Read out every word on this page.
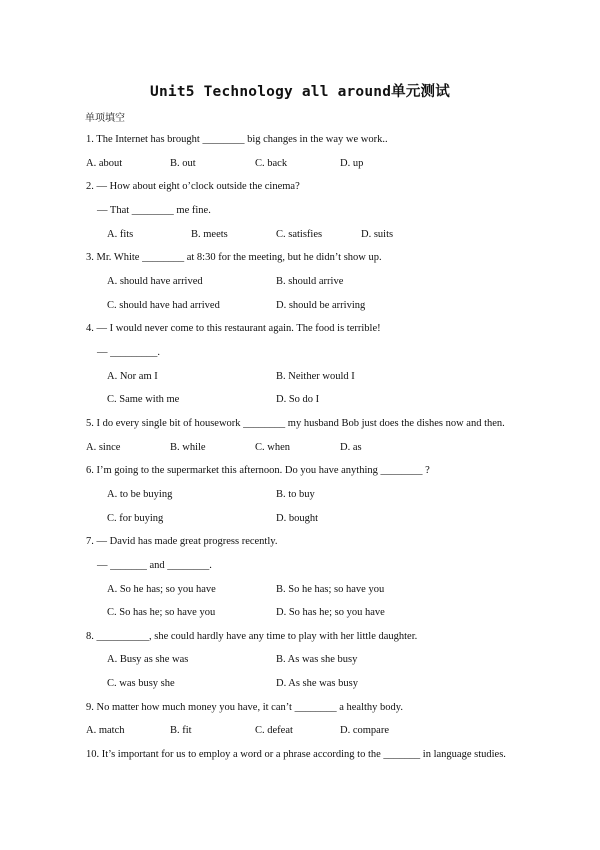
Unit5 Technology all around单元测试
单项填空
1. The Internet has brought ________ big changes in the way we work..
A. about	B. out	C. back	D. up
2. — How about eight o’clock outside the cinema?
— That ________ me fine.
A. fits	B. meets	C. satisfies	D. suits
3. Mr. White ________ at 8:30 for the meeting, but he didn’t show up.
A. should have arrived	B. should arrive
C. should have had arrived	D. should be arriving
4. — I would never come to this restaurant again. The food is terrible!
— _________.
A. Nor am I	B. Neither would I
C. Same with me	D. So do I
5. I do every single bit of housework ________ my husband Bob just does the dishes now and then.
A. since	B. while	C. when	D. as
6. I’m going to the supermarket this afternoon. Do you have anything ________ ?
A. to be buying	B. to buy
C. for buying	D. bought
7. — David has made great progress recently.
— _______ and ________.
A. So he has; so you have	B. So he has; so have you
C. So has he; so have you	D. So has he; so you have
8. __________, she could hardly have any time to play with her little daughter.
A. Busy as she was	B. As was she busy
C. was busy she	D. As she was busy
9. No matter how much money you have, it can’t ________ a healthy body.
A. match	B. fit	C. defeat	D. compare
10. It’s important for us to employ a word or a phrase according to the _______ in language studies.
